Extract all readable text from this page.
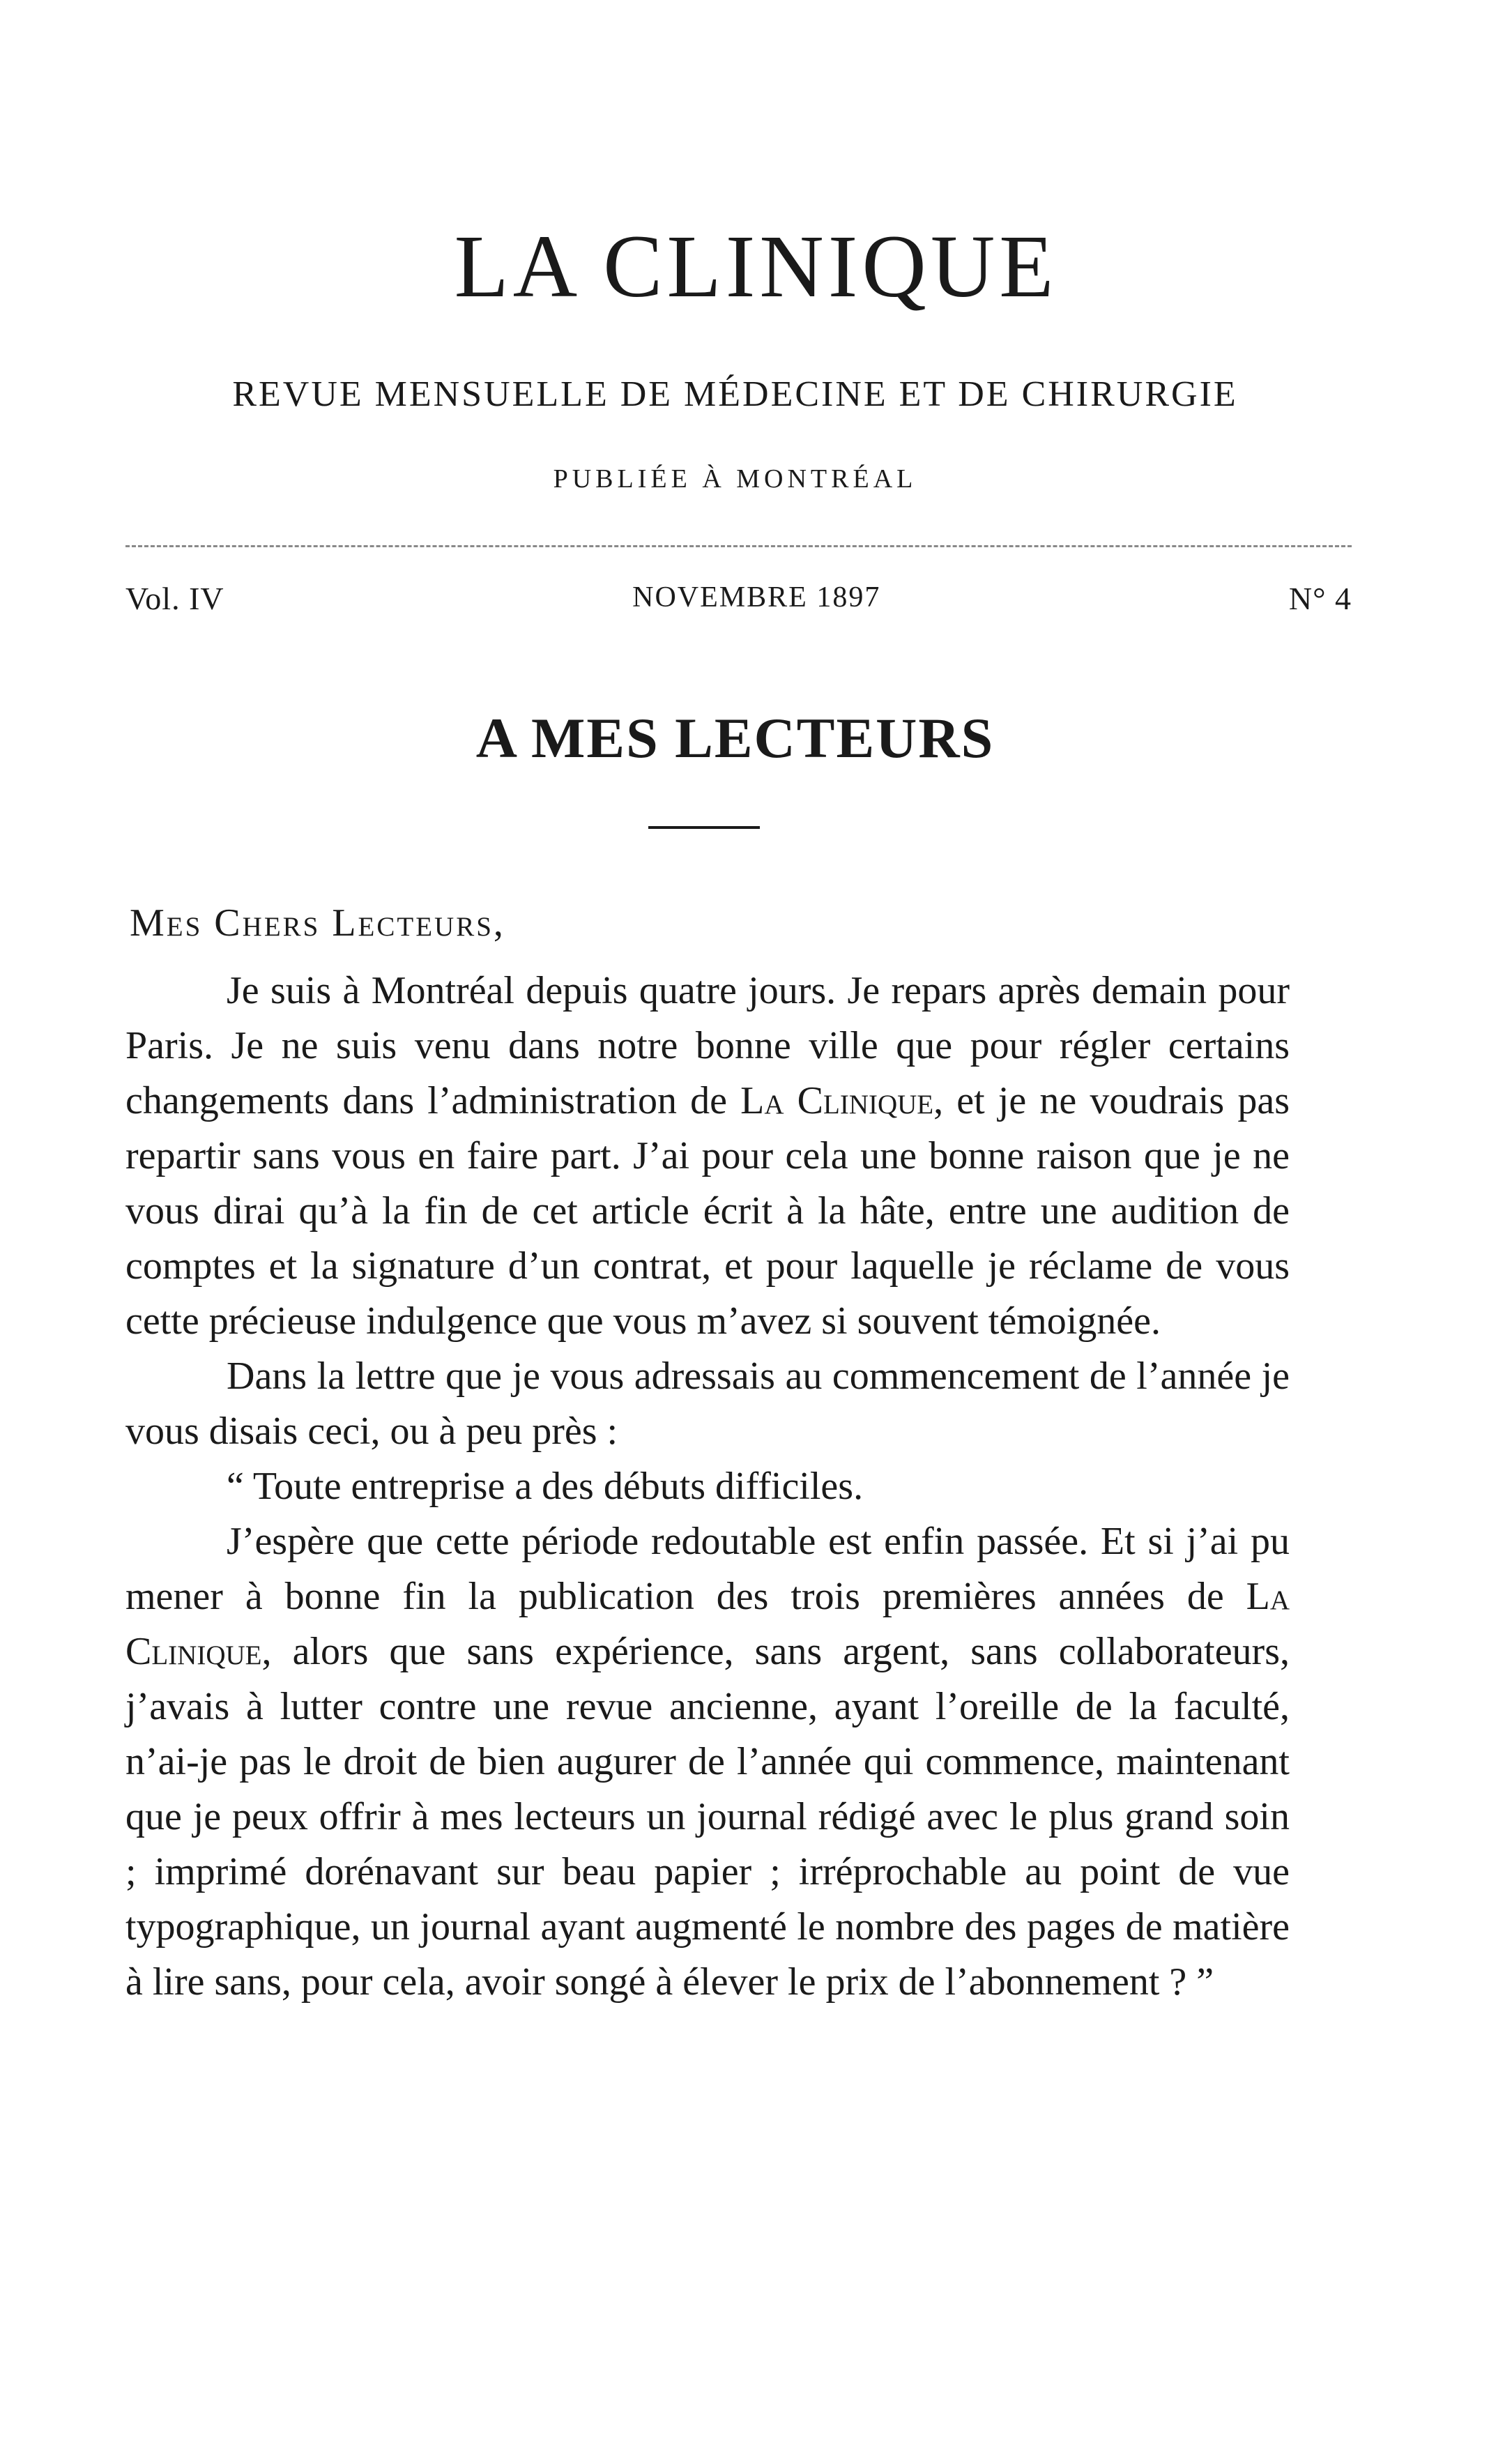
LA CLINIQUE
REVUE MENSUELLE DE MÉDECINE ET DE CHIRURGIE
PUBLIÉE À MONTRÉAL
Vol. IV	NOVEMBRE 1897	N° 4
A MES LECTEURS
Mes Chers Lecteurs,

Je suis à Montréal depuis quatre jours. Je repars après demain pour Paris. Je ne suis venu dans notre bonne ville que pour régler certains changements dans l’administration de La Clinique, et je ne voudrais pas repartir sans vous en faire part. J’ai pour cela une bonne raison que je ne vous dirai qu’à la fin de cet article écrit à la hâte, entre une audition de comptes et la signature d’un contrat, et pour laquelle je réclame de vous cette précieuse indulgence que vous m’avez si souvent témoignée.

Dans la lettre que je vous adressais au commencement de l’année je vous disais ceci, ou à peu près :

“ Toute entreprise a des débuts difficiles.

J’espère que cette période redoutable est enfin passée. Et si j’ai pu mener à bonne fin la publication des trois premières années de La Clinique, alors que sans expérience, sans argent, sans collaborateurs, j’avais à lutter contre une revue ancienne, ayant l’oreille de la faculté, n’ai-je pas le droit de bien augurer de l’année qui commence, maintenant que je peux offrir à mes lecteurs un journal rédigé avec le plus grand soin ; imprimé dorénavant sur beau papier ; irréprochable au point de vue typographique, un journal ayant augmenté le nombre des pages de matière à lire sans, pour cela, avoir songé à élever le prix de l’abonnement ? ”
